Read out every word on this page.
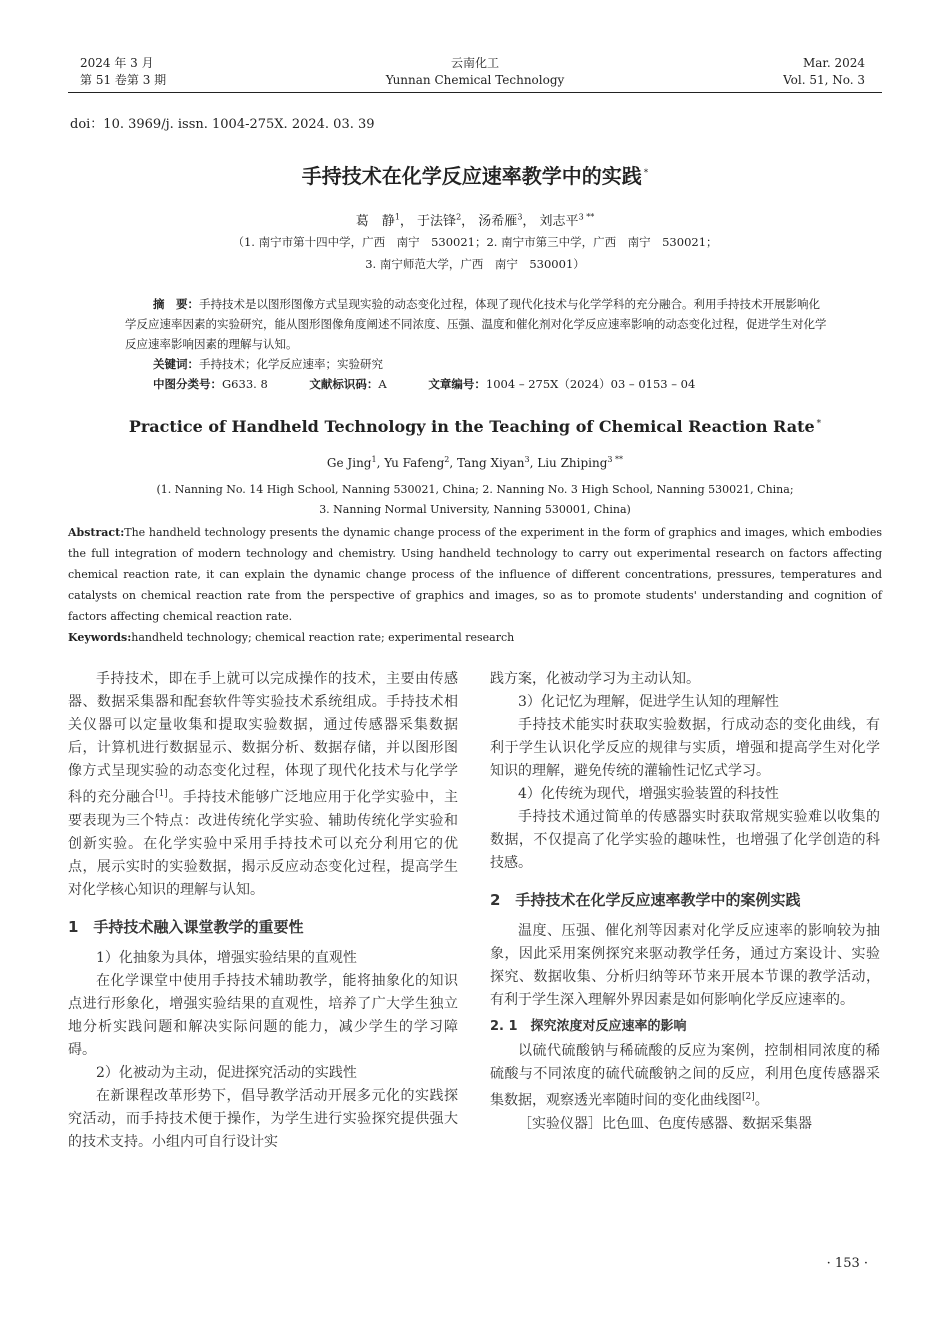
2024 年 3 月
第 51 卷第 3 期
云南化工
Yunnan Chemical Technology
Mar. 2024
Vol. 51, No. 3
doi：10. 3969/j. issn. 1004-275X. 2024. 03. 39
手持技术在化学反应速率教学中的实践 *
葛　静$^1$， 于法锋$^2$， 汤希雁$^3$， 刘志平$^{3 **}$
（1. 南宁市第十四中学，广西　南宁　530021；2. 南宁市第三中学，广西　南宁　530021；
3. 南宁师范大学，广西　南宁　530001）
摘　要：手持技术是以图形图像方式呈现实验的动态变化过程，体现了现代化技术与化学学科的充分融合。利用手持技术开展影响化学反应速率因素的实验研究，能从图形图像角度阐述不同浓度、压强、温度和催化剂对化学反应速率影响的动态变化过程，促进学生对化学反应速率影响因素的理解与认知。
关键词：手持技术；化学反应速率；实验研究
中图分类号：G633. 8	文献标识码：A	文章编号：1004 – 275X（2024）03 – 0153 – 04
Practice of Handheld Technology in the Teaching of Chemical Reaction Rate *
Ge Jing$^1$, Yu Fafeng$^2$, Tang Xiyan$^3$, Liu Zhiping$^{3 **}$
(1. Nanning No. 14 High School, Nanning 530021, China; 2. Nanning No. 3 High School, Nanning 530021, China;
3. Nanning Normal University, Nanning 530001, China)
Abstract:The handheld technology presents the dynamic change process of the experiment in the form of graphics and images, which embodies the full integration of modern technology and chemistry. Using handheld technology to carry out experimental research on factors affecting chemical reaction rate, it can explain the dynamic change process of the influence of different concentrations, pressures, temperatures and catalysts on chemical reaction rate from the perspective of graphics and images, so as to promote students' understanding and cognition of factors affecting chemical reaction rate.
Keywords:handheld technology; chemical reaction rate; experimental research

手持技术，即在手上就可以完成操作的技术，主要由传感器、数据采集器和配套软件等实验技术系统组成。手持技术相关仪器可以定量收集和提取实验数据，通过传感器采集数据后，计算机进行数据显示、数据分析、数据存储，并以图形图像方式呈现实验的动态变化过程，体现了现代化技术与化学学科的充分融合[1]。手持技术能够广泛地应用于化学实验中，主要表现为三个特点：改进传统化学实验、辅助传统化学实验和创新实验。在化学实验中采用手持技术可以充分利用它的优点，展示实时的实验数据，揭示反应动态变化过程，提高学生对化学核心知识的理解与认知。

1　手持技术融入课堂教学的重要性

1）化抽象为具体，增强实验结果的直观性

在化学课堂中使用手持技术辅助教学，能将抽象化的知识点进行形象化，增强实验结果的直观性，培养了广大学生独立地分析实践问题和解决实际问题的能力，减少学生的学习障碍。

2）化被动为主动，促进探究活动的实践性

在新课程改革形势下，倡导教学活动开展多元化的实践探究活动，而手持技术便于操作，为学生进行实验探究提供强大的技术支持。小组内可自行设计实

践方案，化被动学习为主动认知。

3）化记忆为理解，促进学生认知的理解性

手持技术能实时获取实验数据，行成动态的变化曲线，有利于学生认识化学反应的规律与实质，增强和提高学生对化学知识的理解，避免传统的灌输性记忆式学习。

4）化传统为现代，增强实验装置的科技性

手持技术通过简单的传感器实时获取常规实验难以收集的数据，不仅提高了化学实验的趣味性，也增强了化学创造的科技感。

2　手持技术在化学反应速率教学中的案例实践

温度、压强、催化剂等因素对化学反应速率的影响较为抽象，因此采用案例探究来驱动教学任务，通过方案设计、实验探究、数据收集、分析归纳等环节来开展本节课的教学活动，有利于学生深入理解外界因素是如何影响化学反应速率的。

2. 1　探究浓度对反应速率的影响

以硫代硫酸钠与稀硫酸的反应为案例，控制相同浓度的稀硫酸与不同浓度的硫代硫酸钠之间的反应，利用色度传感器采集数据，观察透光率随时间的变化曲线图[2]。

［实验仪器］比色皿、色度传感器、数据采集器

· 153 ·
